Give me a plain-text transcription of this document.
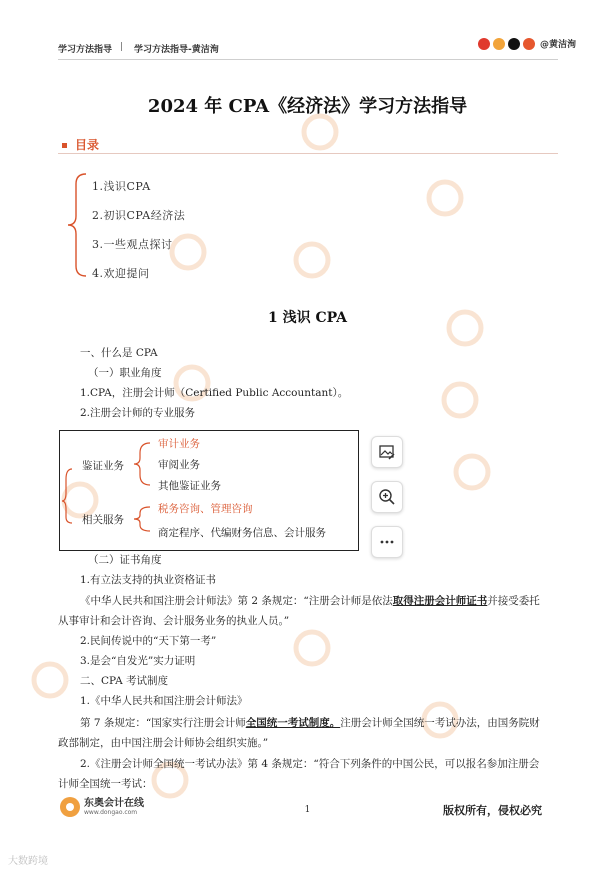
学习方法指导 | 学习方法指导-黄洁洵	@黄洁洵
2024 年 CPA《经济法》学习方法指导
目录
1.浅识CPA
2.初识CPA经济法
3.一些观点探讨
4.欢迎提问
1 浅识 CPA
一、什么是 CPA
（一）职业角度
1.CPA，注册会计师（Certified Public Accountant）。
2.注册会计师的专业服务
鉴证业务
审计业务
审阅业务
其他鉴证业务
相关服务
税务咨询、管理咨询
商定程序、代编财务信息、会计服务
（二）证书角度
1.有立法支持的执业资格证书
《中华人民共和国注册会计师法》第 2 条规定：“注册会计师是依法取得注册会计师证书并接受委托
从事审计和会计咨询、会计服务业务的执业人员。”
2.民间传说中的“天下第一考”
3.是会“自发光”实力证明
二、CPA 考试制度
1.《中华人民共和国注册会计师法》
第 7 条规定：“国家实行注册会计师全国统一考试制度。注册会计师全国统一考试办法，由国务院财
政部制定，由中国注册会计师协会组织实施。”
2.《注册会计师全国统一考试办法》第 4 条规定：“符合下列条件的中国公民，可以报名参加注册会
计师全国统一考试：
东奥会计在线
www.dongao.com	1	版权所有，侵权必究
大数跨境
